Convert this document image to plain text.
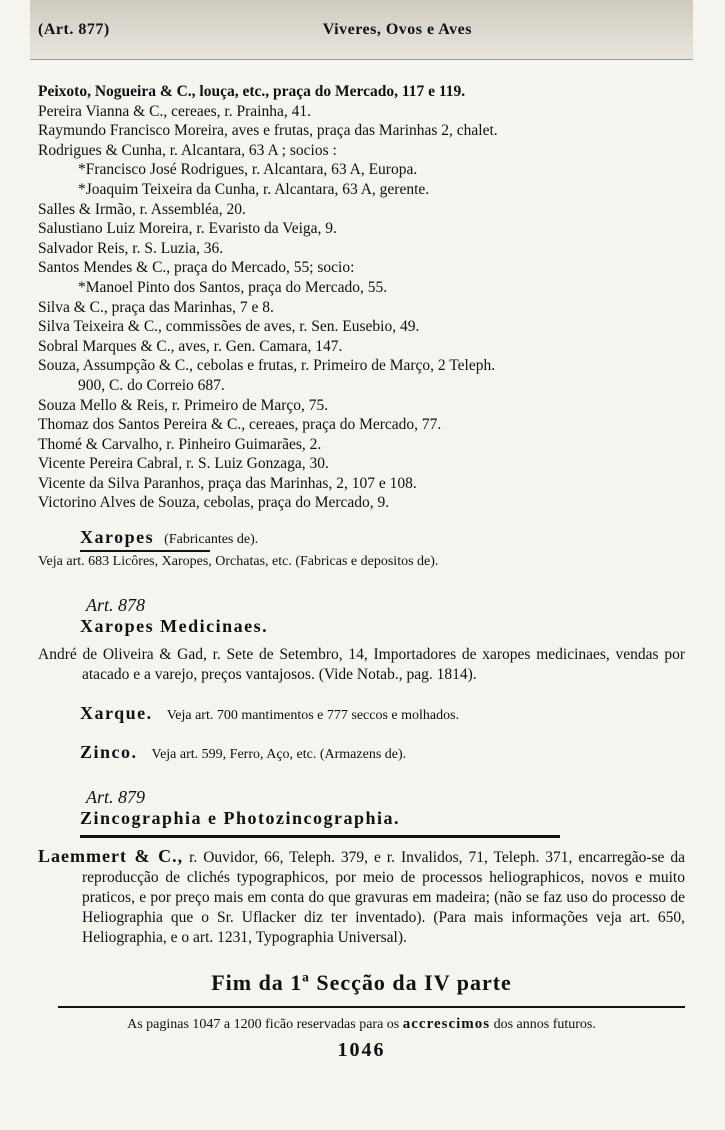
(Art. 877)	Viveres, Ovos e Aves
Peixoto, Nogueira & C., louça, etc., praça do Mercado, 117 e 119.
Pereira Vianna & C., cereaes, r. Prainha, 41.
Raymundo Francisco Moreira, aves e frutas, praça das Marinhas 2, chalet.
Rodrigues & Cunha, r. Alcantara, 63 A ; socios :
*Francisco José Rodrigues, r. Alcantara, 63 A, Europa.
*Joaquim Teixeira da Cunha, r. Alcantara, 63 A, gerente.
Salles & Irmão, r. Assembléa, 20.
Salustiano Luiz Moreira, r. Evaristo da Veiga, 9.
Salvador Reis, r. S. Luzia, 36.
Santos Mendes & C., praça do Mercado, 55; socio:
*Manoel Pinto dos Santos, praça do Mercado, 55.
Silva & C., praça das Marinhas, 7 e 8.
Silva Teixeira & C., commissões de aves, r. Sen. Eusebio, 49.
Sobral Marques & C., aves, r. Gen. Camara, 147.
Souza, Assumpção & C., cebolas e frutas, r. Primeiro de Março, 2 Teleph.
900, C. do Correio 687.
Souza Mello & Reis, r. Primeiro de Março, 75.
Thomaz dos Santos Pereira & C., cereaes, praça do Mercado, 77.
Thomé & Carvalho, r. Pinheiro Guimarães, 2.
Vicente Pereira Cabral, r. S. Luiz Gonzaga, 30.
Vicente da Silva Paranhos, praça das Marinhas, 2, 107 e 108.
Victorino Alves de Souza, cebolas, praça do Mercado, 9.
Xaropes (Fabricantes de).
Veja art. 683 Licôres, Xaropes, Orchatas, etc. (Fabricas e depositos de).
Art. 878
Xaropes Medicinaes.
André de Oliveira & Gad, r. Sete de Setembro, 14, Importadores de xaropes medicinaes, vendas por atacado e a varejo, preços vantajosos. (Vide Notab., pag. 1814).
Xarque. Veja art. 700 mantimentos e 777 seccos e molhados.
Zinco. Veja art. 599, Ferro, Aço, etc. (Armazens de).
Art. 879
Zincographia e Photozincographia.
Laemmert & C., r. Ouvidor, 66, Teleph. 379, e r. Invalidos, 71, Teleph. 371, encarregão-se da reproducção de clichés typographicos, por meio de processos heliographicos, novos e muito praticos, e por preço mais em conta do que gravuras em madeira; (não se faz uso do processo de Heliographia que o Sr. Uflacker diz ter inventado). (Para mais informações veja art. 650, Heliographia, e o art. 1231, Typographia Universal).
Fim da 1ª Secção da IV parte
As paginas 1047 a 1200 ficão reservadas para os accrescimos dos annos futuros.
1046
